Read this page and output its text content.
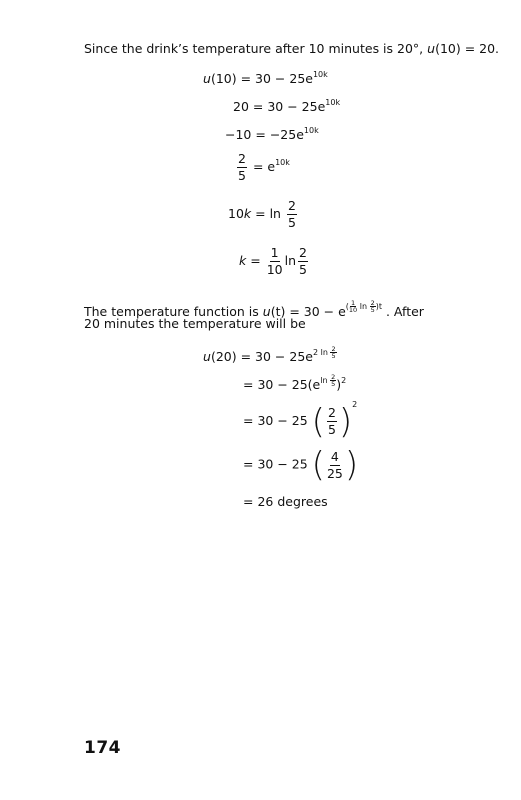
Since the drink’s temperature after 10 minutes is 20°, u(10) = 20.
$u(10) = 30 - 25e^{10k}$
$20 = 30 - 25e^{10k}$
$-10 = -25e^{10k}$
$\frac{2}{5} = e^{10k}$
$10k = \ln \frac{2}{5}$
$k = \frac{1}{10}$ $\ln \frac{2}{5}$
The temperature function is $u(t) = 30 - e^{( \frac{1}{10} ln \frac{2}{5} )t}$ . After
20 minutes the temperature will be
$u(20) = 30 - 25e^{2 ln \frac{2}{5}}$
= $30 - 25(e^{ln \frac{2}{5}}$ )$^2$
= 30 − 25 ( $\frac{2}{5}$ ) $^2$
= 30 − 25 ( $\frac{4}{25}$ )
= 26 degrees
174
